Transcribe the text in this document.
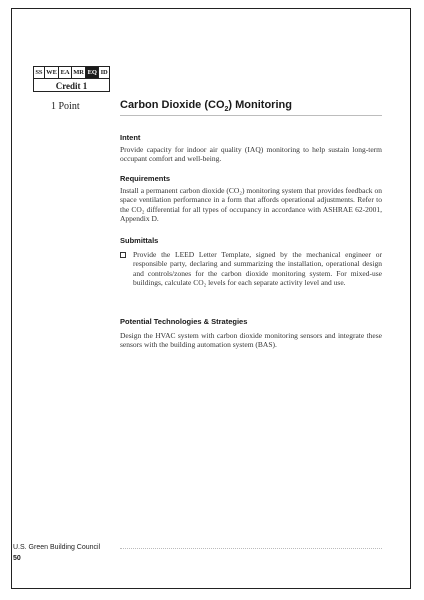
SS WE EA MR EQ ID
Credit 1
1 Point	Carbon Dioxide $(CO_2)$ Monitoring
Intent

Provide capacity for indoor air quality (IAQ) monitoring to help sustain long-term occupant comfort and well-being.

Requirements

Install a permanent carbon dioxide (CO₂) monitoring system that provides feedback on space ventilation performance in a form that affords operational adjustments. Refer to the CO₂ differential for all types of occupancy in accordance with ASHRAE 62-2001, Appendix D.

Submittals

Provide the LEED Letter Template, signed by the mechanical engineer or responsible party, declaring and summarizing the installation, operational design and controls/zones for the carbon dioxide monitoring system. For mixed-use buildings, calculate CO₂ levels for each separate activity level and use.

Potential Technologies & Strategies

Design the HVAC system with carbon dioxide monitoring sensors and integrate these sensors with the building automation system (BAS).

U.S. Green Building Council
50
